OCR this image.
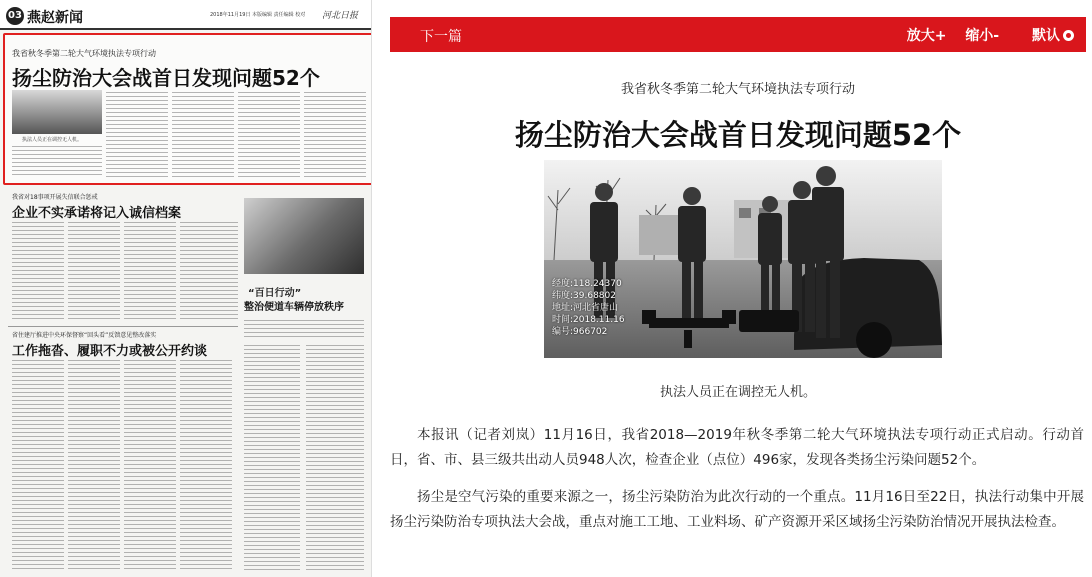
03 燕赵新闻	2018年11月19日 本版编辑 责任编辑 校对 河北日报
我省秋冬季第二轮大气环境执法专项行动
扬尘防治大会战首日发现问题52个
执法人员正在调控无人机。
我省对18事项开展失信联合惩戒
企业不实承诺将记入诚信档案
“百日行动”
整治便道车辆停放秩序
省住建厅推进中央环保督察“回头看”反馈意见整改落实
工作拖沓、履职不力或被公开约谈
下一篇	放大+ 缩小- 默认
我省秋冬季第二轮大气环境执法专项行动
扬尘防治大会战首日发现问题52个
经度:118.24370
纬度:39.68802
地址:河北省唐山
时间:2018.11.16
编号:966702
执法人员正在调控无人机。

本报讯（记者刘岚）11月16日，我省2018—2019年秋冬季第二轮大气环境执法专项行动正式启动。行动首日，省、市、县三级共出动人员948人次，检查企业（点位）496家，发现各类扬尘污染问题52个。

扬尘是空气污染的重要来源之一，扬尘污染防治为此次行动的一个重点。11月16日至22日，执法行动集中开展扬尘污染防治专项执法大会战，重点对施工工地、工业料场、矿产资源开采区域扬尘污染防治情况开展执法检查。
